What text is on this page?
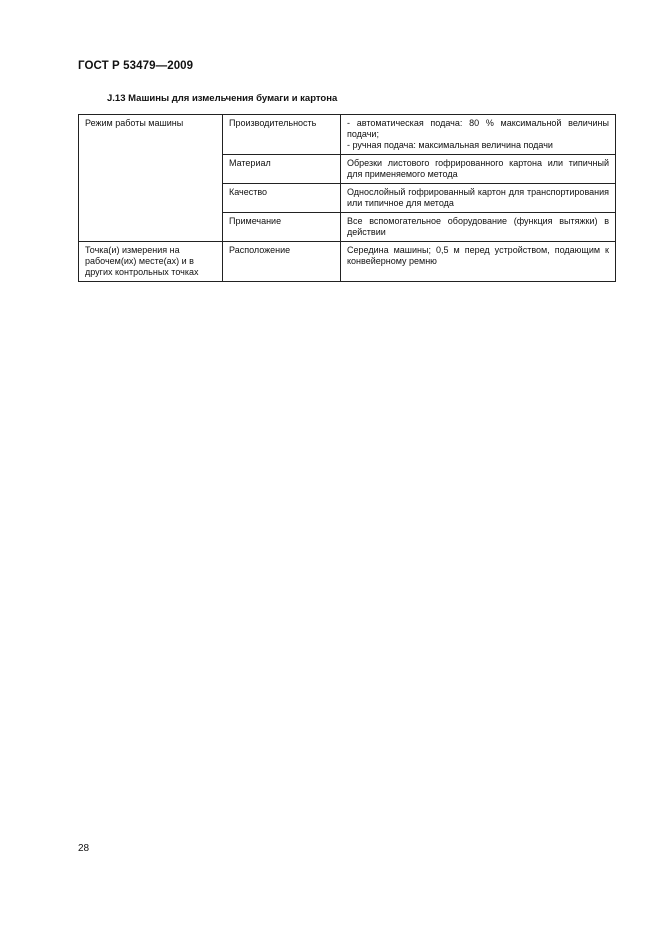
ГОСТ Р 53479—2009
J.13 Машины для измельчения бумаги и картона
Режим работы машины	Производительность	- автоматическая подача: 80 % максимальной величины подачи;
- ручная подача: максимальная величина подачи

	Материал	Обрезки листового гофрированного картона или типичный для применяемого метода

	Качество	Однослойный гофрированный картон для транспортирования или типичное для метода

	Примечание	Все вспомогательное оборудование (функция вытяжки) в действии

Точка(и) измерения на рабочем(их) месте(ах) и в других контрольных точках	Расположение	Середина машины; 0,5 м перед устройством, подающим к конвейерному ремню
28
